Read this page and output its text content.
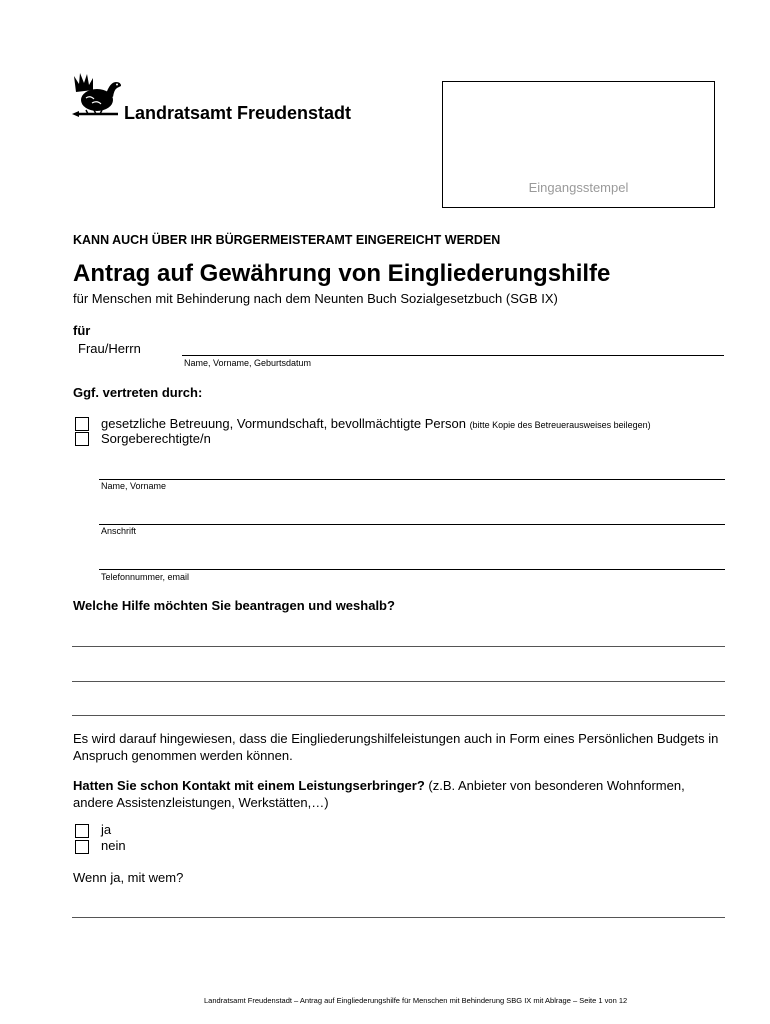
Landratsamt Freudenstadt
Eingangsstempel
KANN AUCH ÜBER IHR BÜRGERMEISTERAMT EINGEREICHT WERDEN
Antrag auf Gewährung von Eingliederungshilfe
für Menschen mit Behinderung nach dem Neunten Buch Sozialgesetzbuch (SGB IX)
für
Frau/Herrn
Name, Vorname, Geburtsdatum
Ggf. vertreten durch:
gesetzliche Betreuung, Vormundschaft, bevollmächtigte Person (bitte Kopie des Betreuerausweises beilegen)
Sorgeberechtigte/n
Name, Vorname
Anschrift
Telefonnummer, email
Welche Hilfe möchten Sie beantragen und weshalb?
Es wird darauf hingewiesen, dass die Eingliederungshilfeleistungen auch in Form eines Persönlichen Budgets in Anspruch genommen werden können.
Hatten Sie schon Kontakt mit einem Leistungserbringer? (z.B. Anbieter von besonderen Wohnformen, andere Assistenzleistungen, Werkstätten,…)
ja
nein
Wenn ja, mit wem?
Landratsamt Freudenstadt – Antrag auf Eingliederungshilfe für Menschen mit Behinderung SBG IX mit Ablrage – Seite 1 von 12
